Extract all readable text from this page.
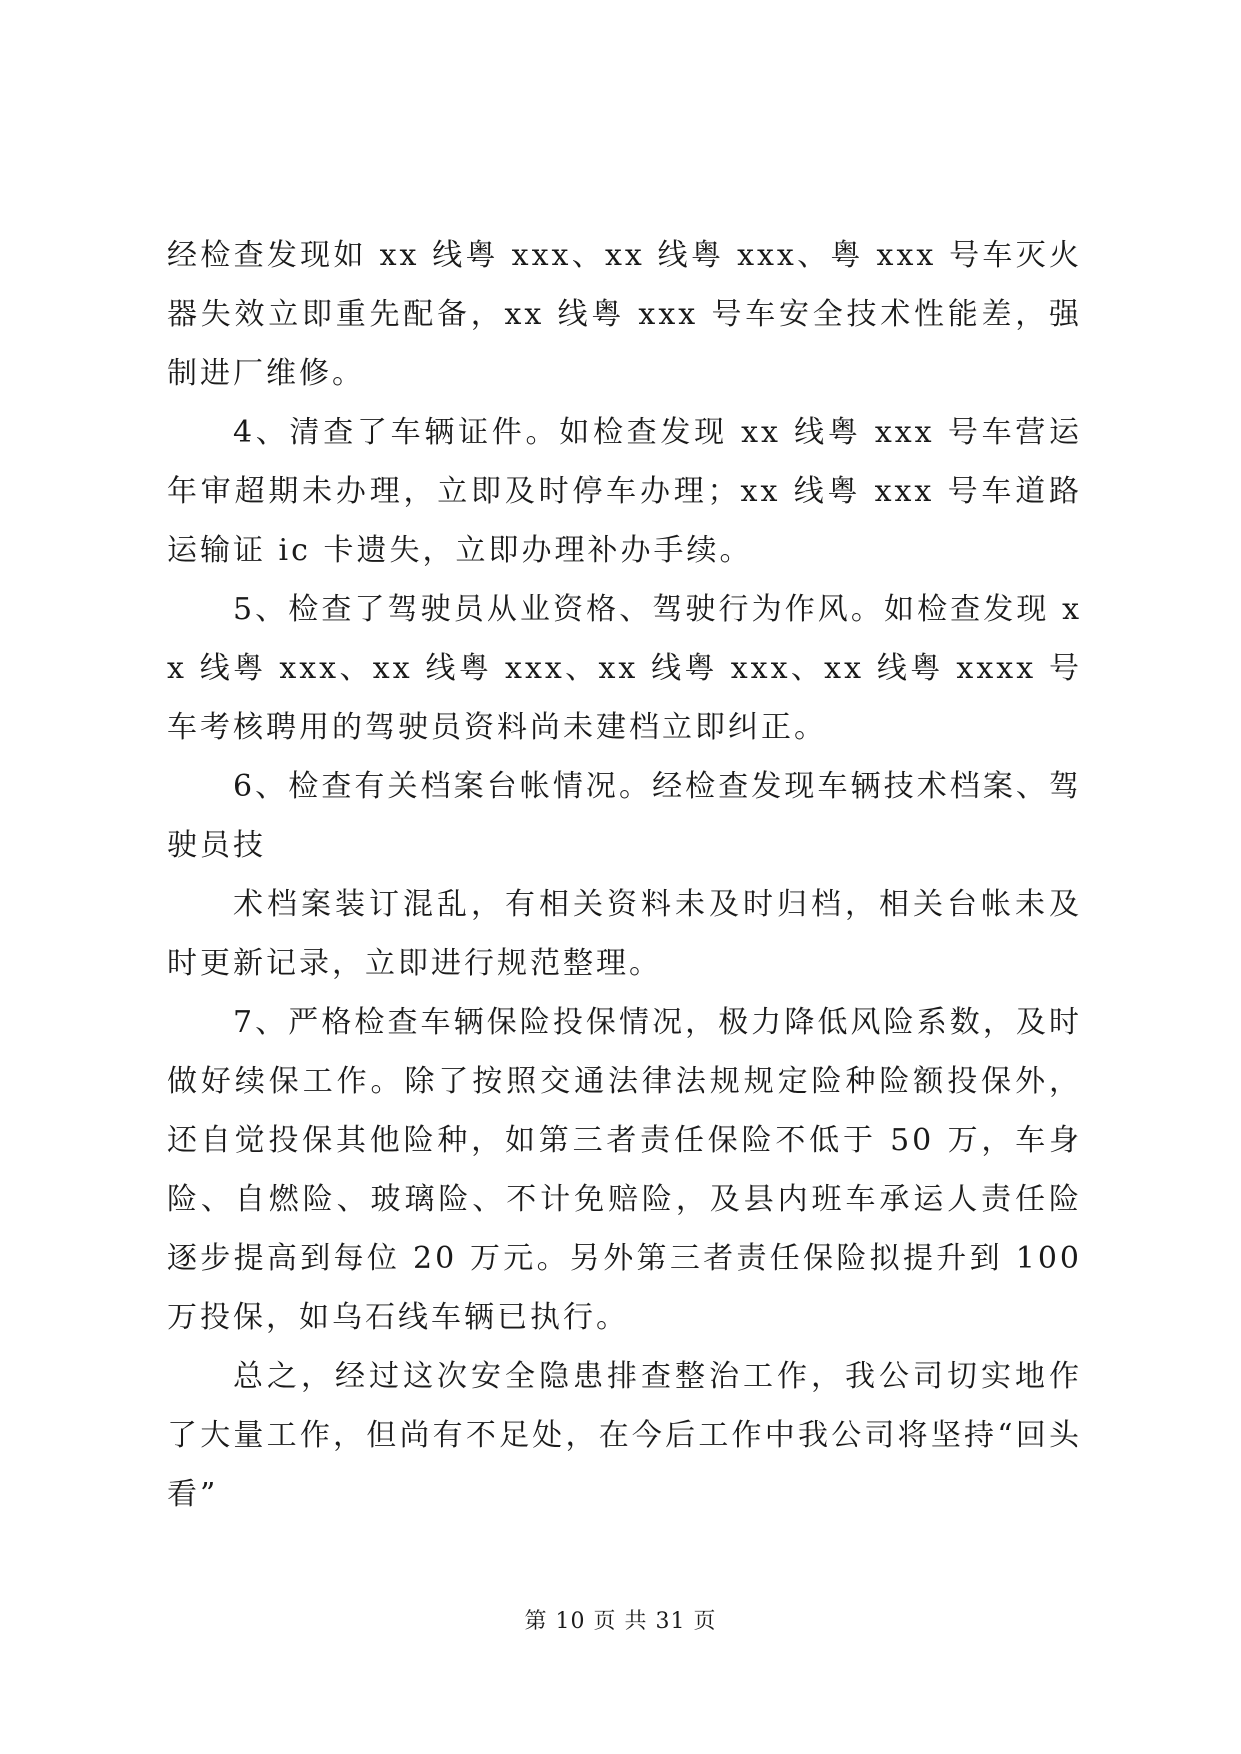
经检查发现如 xx 线粤 xxx、xx 线粤 xxx、粤 xxx 号车灭火器失效立即重先配备，xx 线粤 xxx 号车安全技术性能差，强制进厂维修。

4、清查了车辆证件。如检查发现 xx 线粤 xxx 号车营运年审超期未办理，立即及时停车办理；xx 线粤 xxx 号车道路运输证 ic 卡遗失，立即办理补办手续。

5、检查了驾驶员从业资格、驾驶行为作风。如检查发现 xx 线粤 xxx、xx 线粤 xxx、xx 线粤 xxx、xx 线粤 xxxx 号车考核聘用的驾驶员资料尚未建档立即纠正。

6、检查有关档案台帐情况。经检查发现车辆技术档案、驾驶员技

术档案装订混乱，有相关资料未及时归档，相关台帐未及时更新记录，立即进行规范整理。

7、严格检查车辆保险投保情况，极力降低风险系数，及时做好续保工作。除了按照交通法律法规规定险种险额投保外，还自觉投保其他险种，如第三者责任保险不低于 50 万，车身险、自燃险、玻璃险、不计免赔险，及县内班车承运人责任险逐步提高到每位 20 万元。另外第三者责任保险拟提升到 100 万投保，如乌石线车辆已执行。

总之，经过这次安全隐患排查整治工作，我公司切实地作了大量工作，但尚有不足处，在今后工作中我公司将坚持“回头看”

第 10 页 共 31 页
